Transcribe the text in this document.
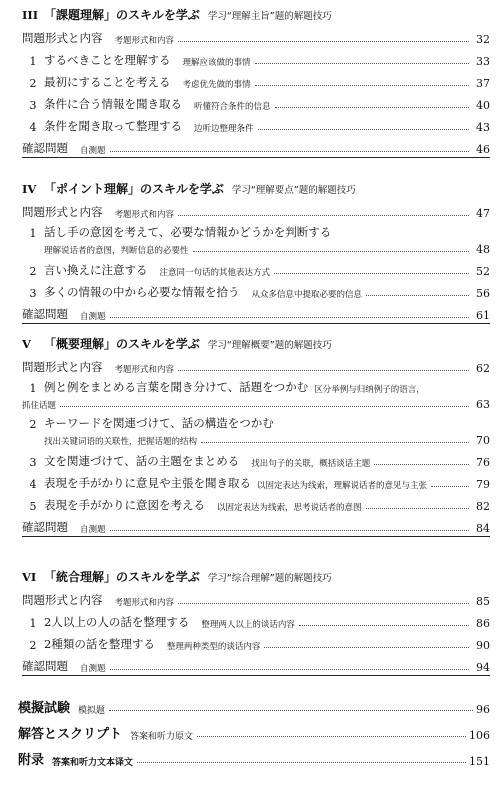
III 「課題理解」のスキルを学ぶ 学习“理解主旨”题的解题技巧
問題形式と内容 考题形式和内容	32
1 するべきことを理解する 理解应该做的事情	33
2 最初にすることを考える 考虑优先做的事情	37
3 条件に合う情報を聞き取る 听懂符合条件的信息	40
4 条件を聞き取って整理する 边听边整理条件	43
確認問題 自测题	46
IV 「ポイント理解」のスキルを学ぶ 学习“理解要点”题的解题技巧
問題形式と内容 考题形式和内容	47
1 話し手の意図を考えて、必要な情報かどうかを判断する
理解说话者的意图，判断信息的必要性	48
2 言い換えに注意する 注意同一句话的其他表达方式	52
3 多くの情報の中から必要な情報を拾う 从众多信息中提取必要的信息	56
確認問題 自测题	61
V 「概要理解」のスキルを学ぶ 学习“理解概要”题的解题技巧
問題形式と内容 考题形式和内容	62
1 例と例をまとめる言葉を聞き分けて、話題をつかむ 区分举例与归纳例子的语言，
抓住话题	63
2 キーワードを関連づけて、話の構造をつかむ
找出关键词语的关联性，把握话题的结构	70
3 文を関連づけて、話の主題をまとめる 找出句子的关联，概括谈话主题	76
4 表現を手がかりに意見や主張を聞き取る 以固定表达为线索，理解说话者的意见与主张	79
5 表現を手がかりに意図を考える 以固定表达为线索，思考说话者的意图	82
確認問題 自测题	84
VI 「統合理解」のスキルを学ぶ 学习“综合理解”题的解题技巧
問題形式と内容 考题形式和内容	85
1 2人以上の人の話を整理する 整理两人以上的谈话内容	86
2 2種類の話を整理する 整理两种类型的谈话内容	90
確認問題 自测题	94
模擬試験 模拟题	96
解答とスクリプト 答案和听力原文	106
附录 答案和听力文本译文	151
